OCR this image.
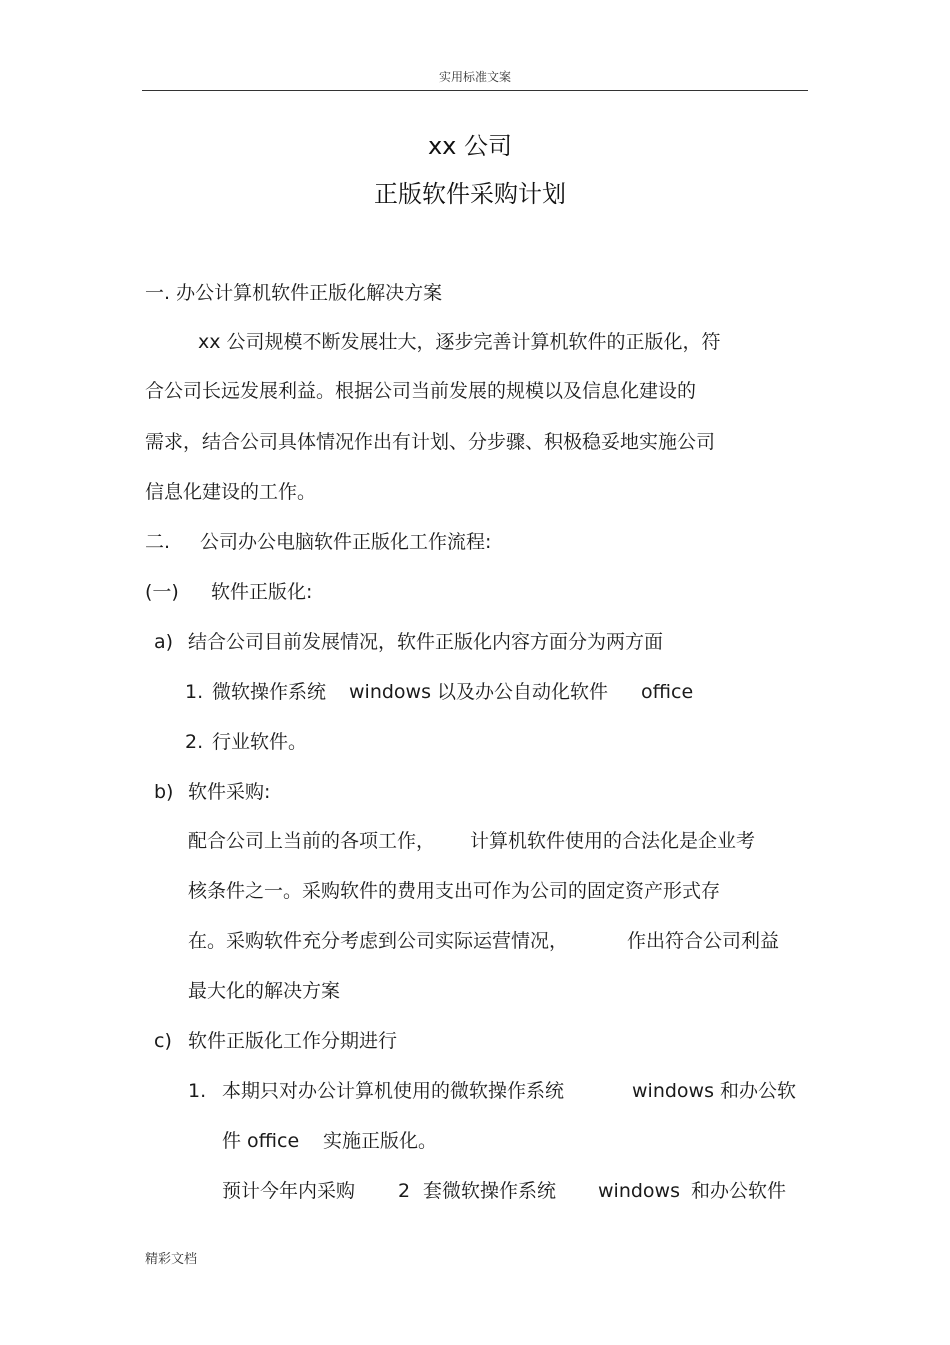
实用标准文案
xx 公司
正版软件采购计划
一. 办公计算机软件正版化解决方案
xx 公司规模不断发展壮大，逐步完善计算机软件的正版化，符
合公司长远发展利益。根据公司当前发展的规模以及信息化建设的
需求，结合公司具体情况作出有计划、分步骤、积极稳妥地实施公司
信息化建设的工作。
二. 公司办公电脑软件正版化工作流程:
(一) 软件正版化:
a) 结合公司目前发展情况，软件正版化内容方面分为两方面
1. 微软操作系统 windows 以及办公自动化软件 office
2. 行业软件。
b) 软件采购:
配合公司上当前的各项工作， 计算机软件使用的合法化是企业考
核条件之一。采购软件的费用支出可作为公司的固定资产形式存
在。采购软件充分考虑到公司实际运营情况，	作出符合公司利益
最大化的解决方案
c) 软件正版化工作分期进行
1. 本期只对办公计算机使用的微软操作系统	windows 和办公软
件 office 实施正版化。
预计今年内采购 2 套微软操作系统 windows 和办公软件
精彩文档
